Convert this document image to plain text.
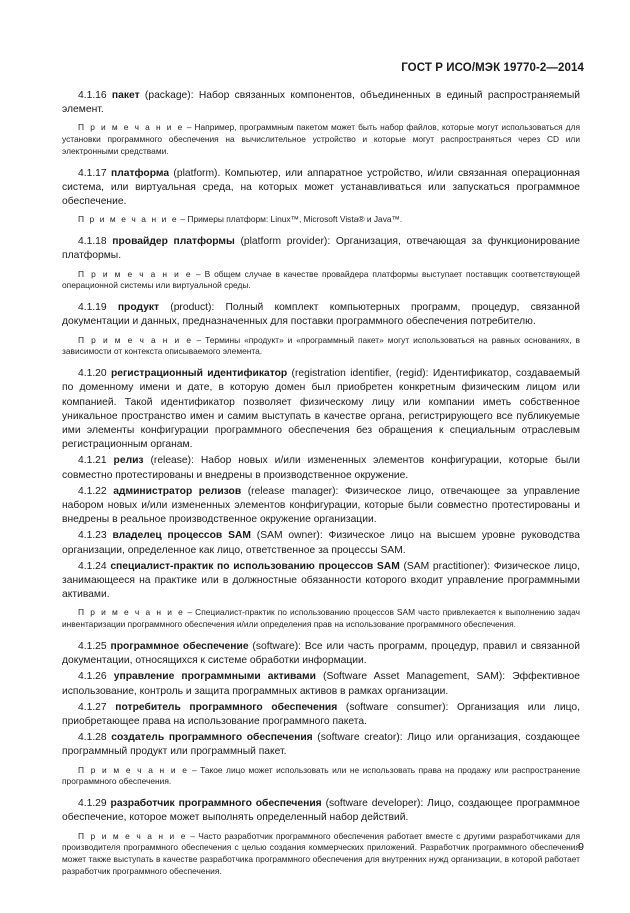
ГОСТ Р ИСО/МЭК 19770-2—2014

4.1.16 пакет (package): Набор связанных компонентов, объединенных в единый распространяемый элемент.

П р и м е ч а н и е – Например, программным пакетом может быть набор файлов, которые могут использоваться для установки программного обеспечения на вычислительное устройство и которые могут распространяться через CD или электронными средствами.

4.1.17 платформа (platform). Компьютер, или аппаратное устройство, и/или связанная операционная система, или виртуальная среда, на которых может устанавливаться или запускаться программное обеспечение.

П р и м е ч а н и е – Примеры платформ: Linux™, Microsoft Vista® и Java™.

4.1.18 провайдер платформы (platform provider): Организация, отвечающая за функционирование платформы.

П р и м е ч а н и е – В общем случае в качестве провайдера платформы выступает поставщик соответствующей операционной системы или виртуальной среды.

4.1.19 продукт (product): Полный комплект компьютерных программ, процедур, связанной документации и данных, предназначенных для поставки программного обеспечения потребителю.

П р и м е ч а н и е – Термины «продукт» и «программный пакет» могут использоваться на равных основаниях, в зависимости от контекста описываемого элемента.

4.1.20 регистрационный идентификатор (registration identifier, (regid): Идентификатор, создаваемый по доменному имени и дате, в которую домен был приобретен конкретным физическим лицом или компанией. Такой идентификатор позволяет физическому лицу или компании иметь собственное уникальное пространство имен и самим выступать в качестве органа, регистрирующего все публикуемые ими элементы конфигурации программного обеспечения без обращения к специальным отраслевым регистрационным органам.

4.1.21 релиз (release): Набор новых и/или измененных элементов конфигурации, которые были совместно протестированы и внедрены в производственное окружение.

4.1.22 администратор релизов (release manager): Физическое лицо, отвечающее за управление набором новых и/или измененных элементов конфигурации, которые были совместно протестированы и внедрены в реальное производственное окружение организации.

4.1.23 владелец процессов SAM (SAM owner): Физическое лицо на высшем уровне руководства организации, определенное как лицо, ответственное за процессы SAM.

4.1.24 специалист-практик по использованию процессов SAM (SAM practitioner): Физическое лицо, занимающееся на практике или в должностные обязанности которого входит управление программными активами.

П р и м е ч а н и е – Специалист-практик по использованию процессов SAM часто привлекается к выполнению задач инвентаризации программного обеспечения и/или определения прав на использование программного обеспечения.

4.1.25 программное обеспечение (software): Все или часть программ, процедур, правил и связанной документации, относящихся к системе обработки информации.

4.1.26 управление программными активами (Software Asset Management, SAM): Эффективное использование, контроль и защита программных активов в рамках организации.

4.1.27 потребитель программного обеспечения (software consumer): Организация или лицо, приобретающее права на использование программного пакета.

4.1.28 создатель программного обеспечения (software creator): Лицо или организация, создающее программный продукт или программный пакет.

П р и м е ч а н и е – Такое лицо может использовать или не использовать права на продажу или распространение программного обеспечения.

4.1.29 разработчик программного обеспечения (software developer): Лицо, создающее программное обеспечение, которое может выполнять определенный набор действий.

П р и м е ч а н и е – Часто разработчик программного обеспечения работает вместе с другими разработчиками для производителя программного обеспечения с целью создания коммерческих приложений. Разработчик программного обеспечения может также выступать в качестве разработчика программного обеспечения для внутренних нужд организации, в которой работает разработчик программного обеспечения.

9
